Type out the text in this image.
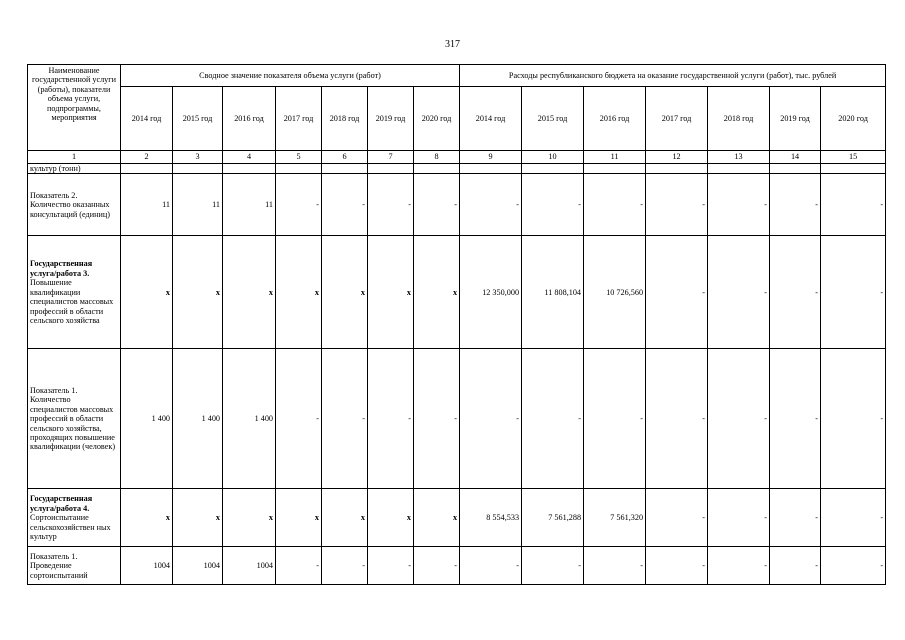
317
Наименование государственной услуги (работы), показатели объема услуги, подпрограммы, мероприятия	Сводное значение показателя объема услуги (работ)							Расходы республиканского бюджета на оказание государственной услуги (работ), тыс. рублей						
	2014 год	2015 год	2016 год	2017 год	2018 год	2019 год	2020 год	2014 год	2015 год	2016 год	2017 год	2018 год	2019 год	2020 год
1	2	3	4	5	6	7	8	9	10	11	12	13	14	15
культур (тонн)														
Показатель 2. Количество оказанных консультаций (единиц)	11	11	11	-	-	-	-	-	-	-	-	-	-	-
Государственная услуга/работа 3. Повышение квалификации специалистов массовых профессий в области сельского хозяйства	x	x	x	x	x	x	x	12 350,000	11 808,104	10 726,560	-	-	-	-
Показатель 1. Количество специалистов массовых профессий в области сельского хозяйства, проходящих повышение квалификации (человек)	1 400	1 400	1 400	-	-	-	-	-	-	-	-	-	-	-
Государственная услуга/работа 4. Сортоиспытание сельскохозяйствен ных культур	x	x	x	x	x	x	x	8 554,533	7 561,288	7 561,320	-	-	-	-
Показатель 1. Проведение сортоиспытаний	1004	1004	1004	-	-	-	-	-	-	-	-	-	-	-
